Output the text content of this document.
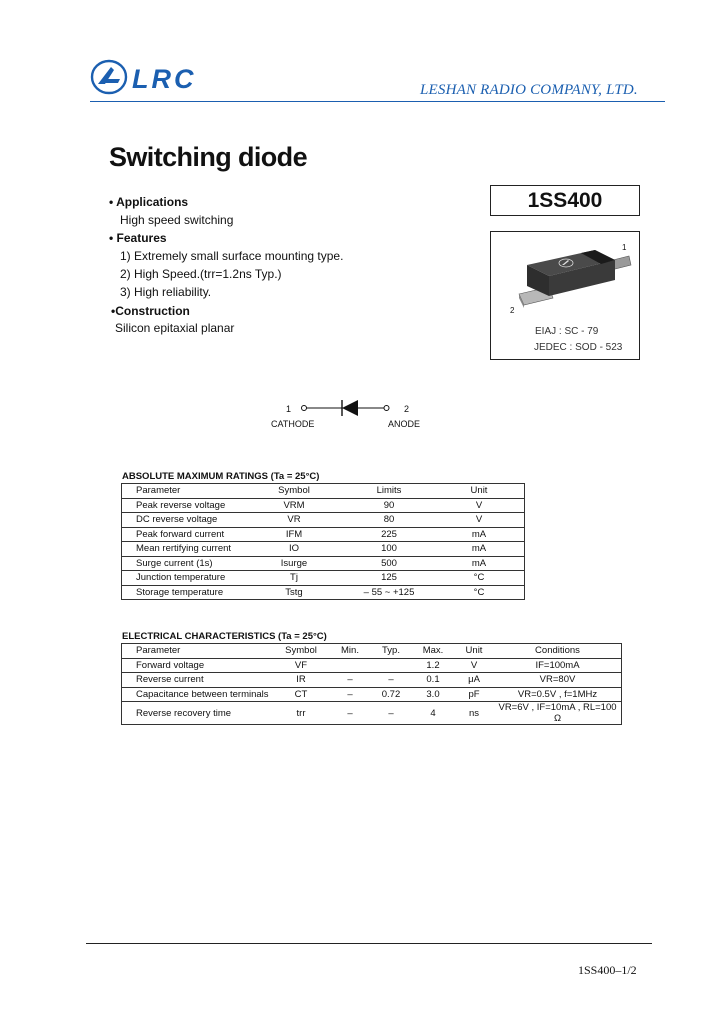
LRC	LESHAN RADIO COMPANY, LTD.
Switching diode
1SS400
1
2
EIAJ : SC - 79
JEDEC : SOD - 523
• Applications
High speed switching
• Features
1) Extremely small surface mounting type.
2) High Speed.(trr=1.2ns Typ.)
3) High reliability.
•Construction
Silicon epitaxial planar
1	2
CATHODE	ANODE
ABSOLUTE MAXIMUM RATINGS (Ta = 25°C)
Parameter	Symbol	Limits	Unit
Peak reverse voltage	VRM	90	V
DC reverse voltage	VR	80	V
Peak forward current	IFM	225	mA
Mean rertifying current	IO	100	mA
Surge current (1s)	Isurge	500	mA
Junction temperature	Tj	125	°C
Storage temperature	Tstg	– 55 ~ +125	°C
ELECTRICAL CHARACTERISTICS (Ta = 25°C)
Parameter	Symbol	Min.	Typ.	Max.	Unit	Conditions
Forward voltage	VF			1.2	V	IF=100mA
Reverse current	IR	–	–	0.1	μA	VR=80V
Capacitance between terminals	CT	–	0.72	3.0	pF	VR=0.5V , f=1MHz
Reverse recovery time	trr	–	–	4	ns	VR=6V , IF=10mA , RL=100 Ω
1SS400–1/2
